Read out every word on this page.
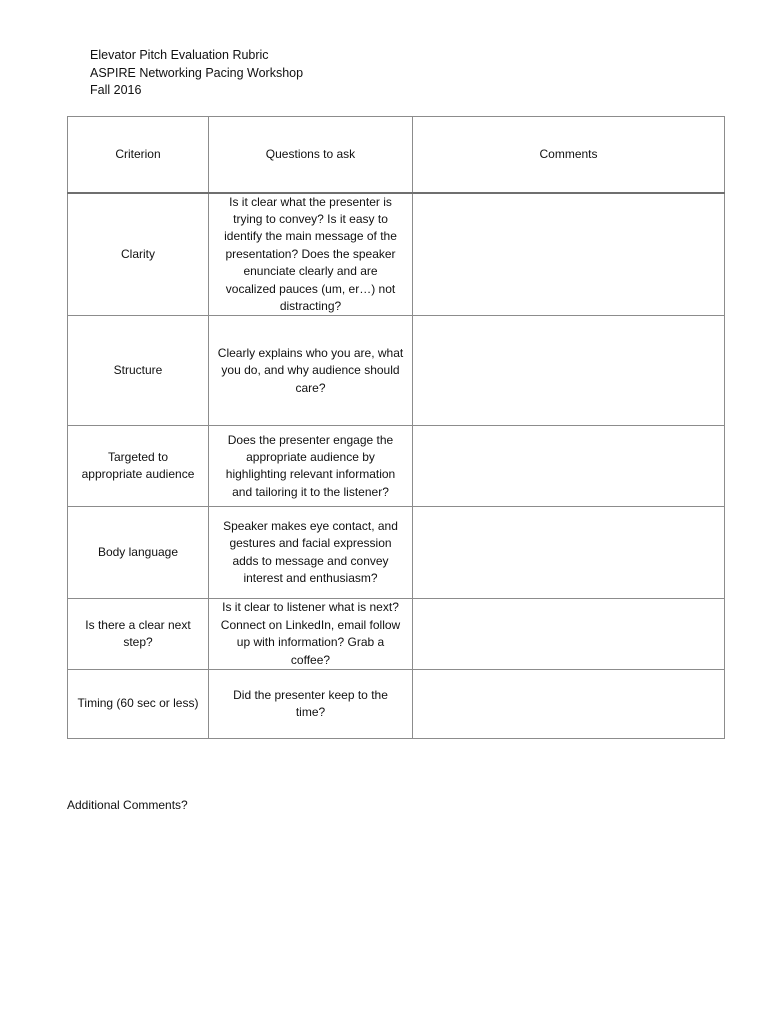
Elevator Pitch Evaluation Rubric
ASPIRE Networking Pacing Workshop
Fall 2016
Criterion	Questions to ask	Comments
Clarity	Is it clear what the presenter is trying to convey? Is it easy to identify the main message of the presentation? Does the speaker enunciate clearly and are vocalized pauces (um, er…) not distracting?	
Structure	Clearly explains who you are, what you do, and why audience should care?	
Targeted to appropriate audience	Does the presenter engage the appropriate audience by highlighting relevant information and tailoring it to the listener?	
Body language	Speaker makes eye contact, and gestures and facial expression adds to message and convey interest and enthusiasm?	
Is there a clear next step?	Is it clear to listener what is next? Connect on LinkedIn, email follow up with information? Grab a coffee?	
Timing (60 sec or less)	Did the presenter keep to the time?	
Additional Comments?
